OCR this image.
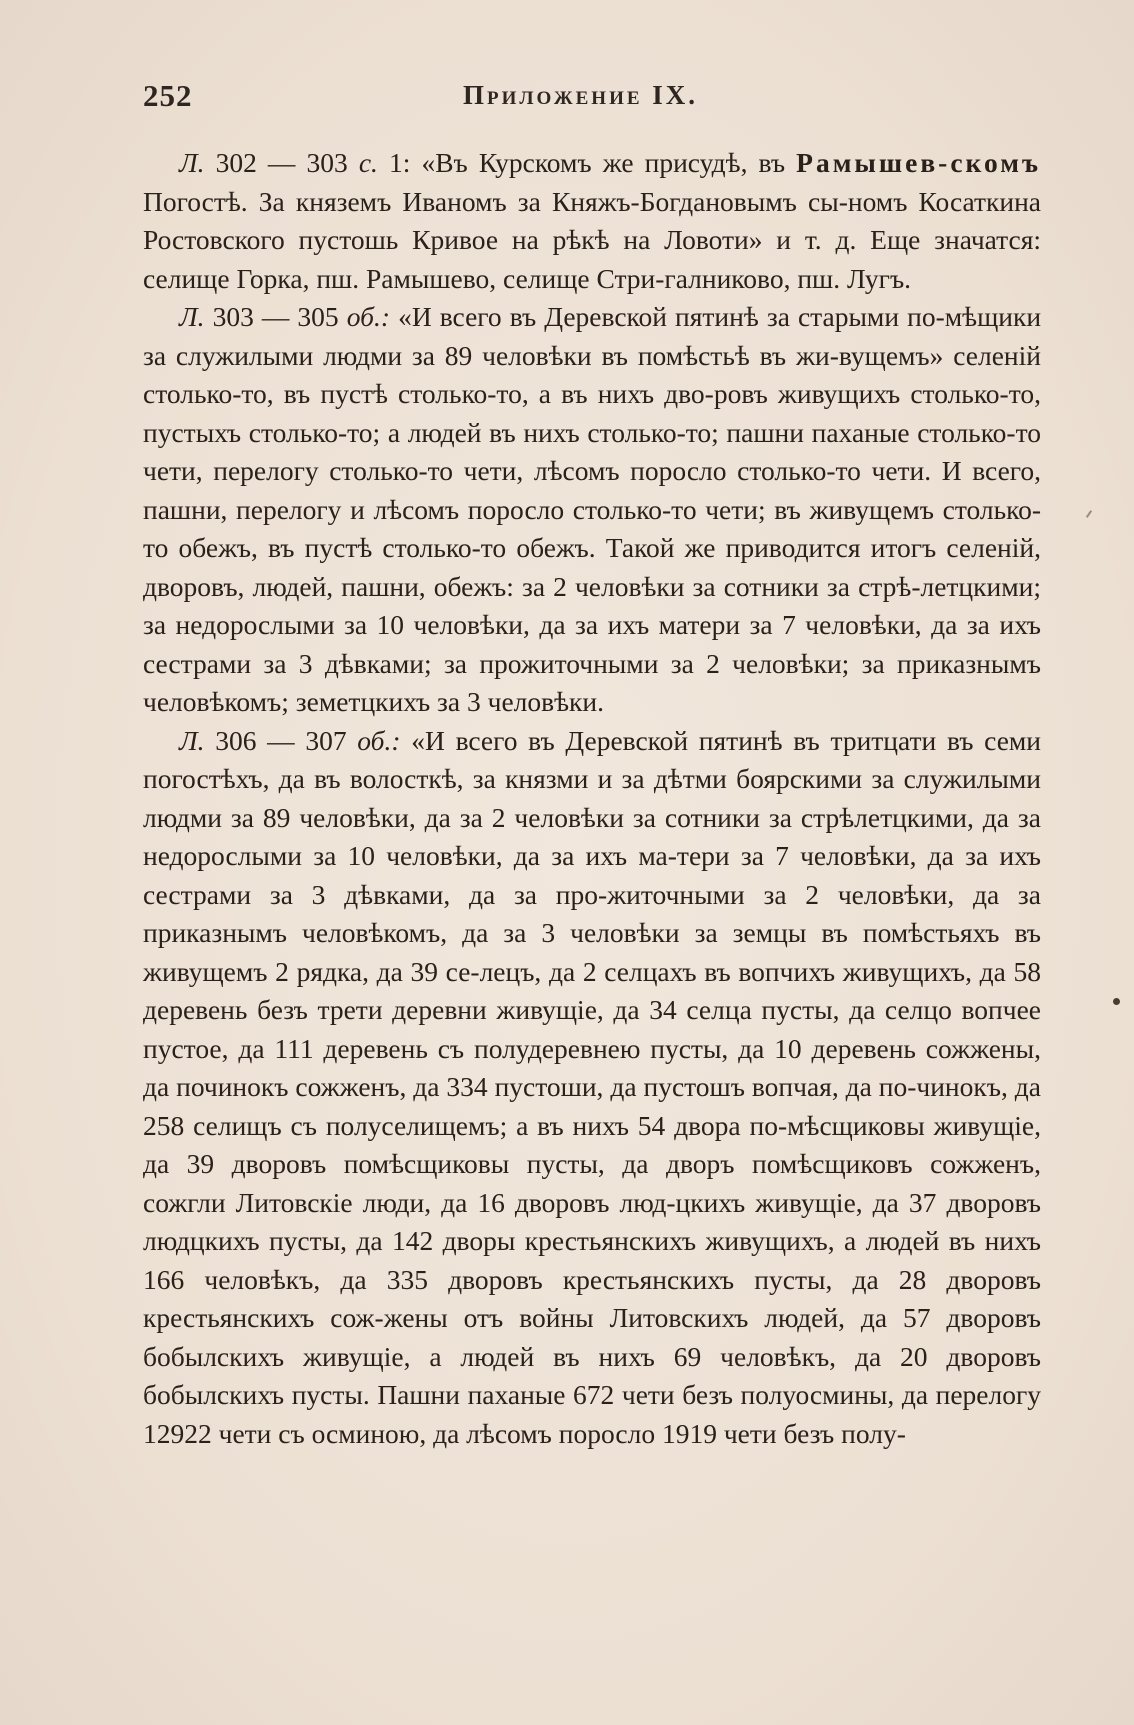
252	Приложение IX.

Л. 302 — 303 с. 1: «Въ Курскомъ же присудѣ, въ Рамышев-скомъ Погостѣ. За княземъ Иваномъ за Княжъ-Богдановымъ сы-номъ Косаткина Ростовского пустошь Кривое на рѣкѣ на Ловоти» и т. д. Еще значатся: селище Горка, пш. Рамышево, селище Стри-галниково, пш. Лугъ.

Л. 303 — 305 об.: «И всего въ Деревской пятинѣ за старыми по-мѣщики за служилыми людми за 89 человѣки въ помѣстьѣ въ жи-вущемъ» селеній столько-то, въ пустѣ столько-то, а въ нихъ дво-ровъ живущихъ столько-то, пустыхъ столько-то; а людей въ нихъ столько-то; пашни паханые столько-то чети, перелогу столько-то чети, лѣсомъ поросло столько-то чети. И всего, пашни, перелогу и лѣсомъ поросло столько-то чети; въ живущемъ столько-то обежъ, въ пустѣ столько-то обежъ. Такой же приводится итогъ селеній, дворовъ, людей, пашни, обежъ: за 2 человѣки за сотники за стрѣ-летцкими; за недорослыми за 10 человѣки, да за ихъ матери за 7 человѣки, да за ихъ сестрами за 3 дѣвками; за прожиточными за 2 человѣки; за приказнымъ человѣкомъ; земетцкихъ за 3 человѣки.

Л. 306 — 307 об.: «И всего въ Деревской пятинѣ въ тритцати въ семи погостѣхъ, да въ волосткѣ, за князми и за дѣтми боярскими за служилыми людми за 89 человѣки, да за 2 человѣки за сотники за стрѣлетцкими, да за недорослыми за 10 человѣки, да за ихъ ма-тери за 7 человѣки, да за ихъ сестрами за 3 дѣвками, да за про-житочными за 2 человѣки, да за приказнымъ человѣкомъ, да за 3 человѣки за земцы въ помѣстьяхъ въ живущемъ 2 рядка, да 39 се-лецъ, да 2 селцахъ въ вопчихъ живущихъ, да 58 деревень безъ трети деревни живущіе, да 34 селца пусты, да селцо вопчее пустое, да 111 деревень съ полудеревнею пусты, да 10 деревень сожжены, да починокъ сожженъ, да 334 пустоши, да пустошъ вопчая, да по-чинокъ, да 258 селищъ съ полуселищемъ; а въ нихъ 54 двора по-мѣсщиковы живущіе, да 39 дворовъ помѣсщиковы пусты, да дворъ помѣсщиковъ сожженъ, сожгли Литовскіе люди, да 16 дворовъ люд-цкихъ живущіе, да 37 дворовъ людцкихъ пусты, да 142 дворы крестьянскихъ живущихъ, а людей въ нихъ 166 человѣкъ, да 335 дворовъ крестьянскихъ пусты, да 28 дворовъ крестьянскихъ сож-жены отъ войны Литовскихъ людей, да 57 дворовъ бобылскихъ живущіе, а людей въ нихъ 69 человѣкъ, да 20 дворовъ бобылскихъ пусты. Пашни паханые 672 чети безъ полуосмины, да перелогу 12922 чети съ осминою, да лѣсомъ поросло 1919 чети безъ полу-
